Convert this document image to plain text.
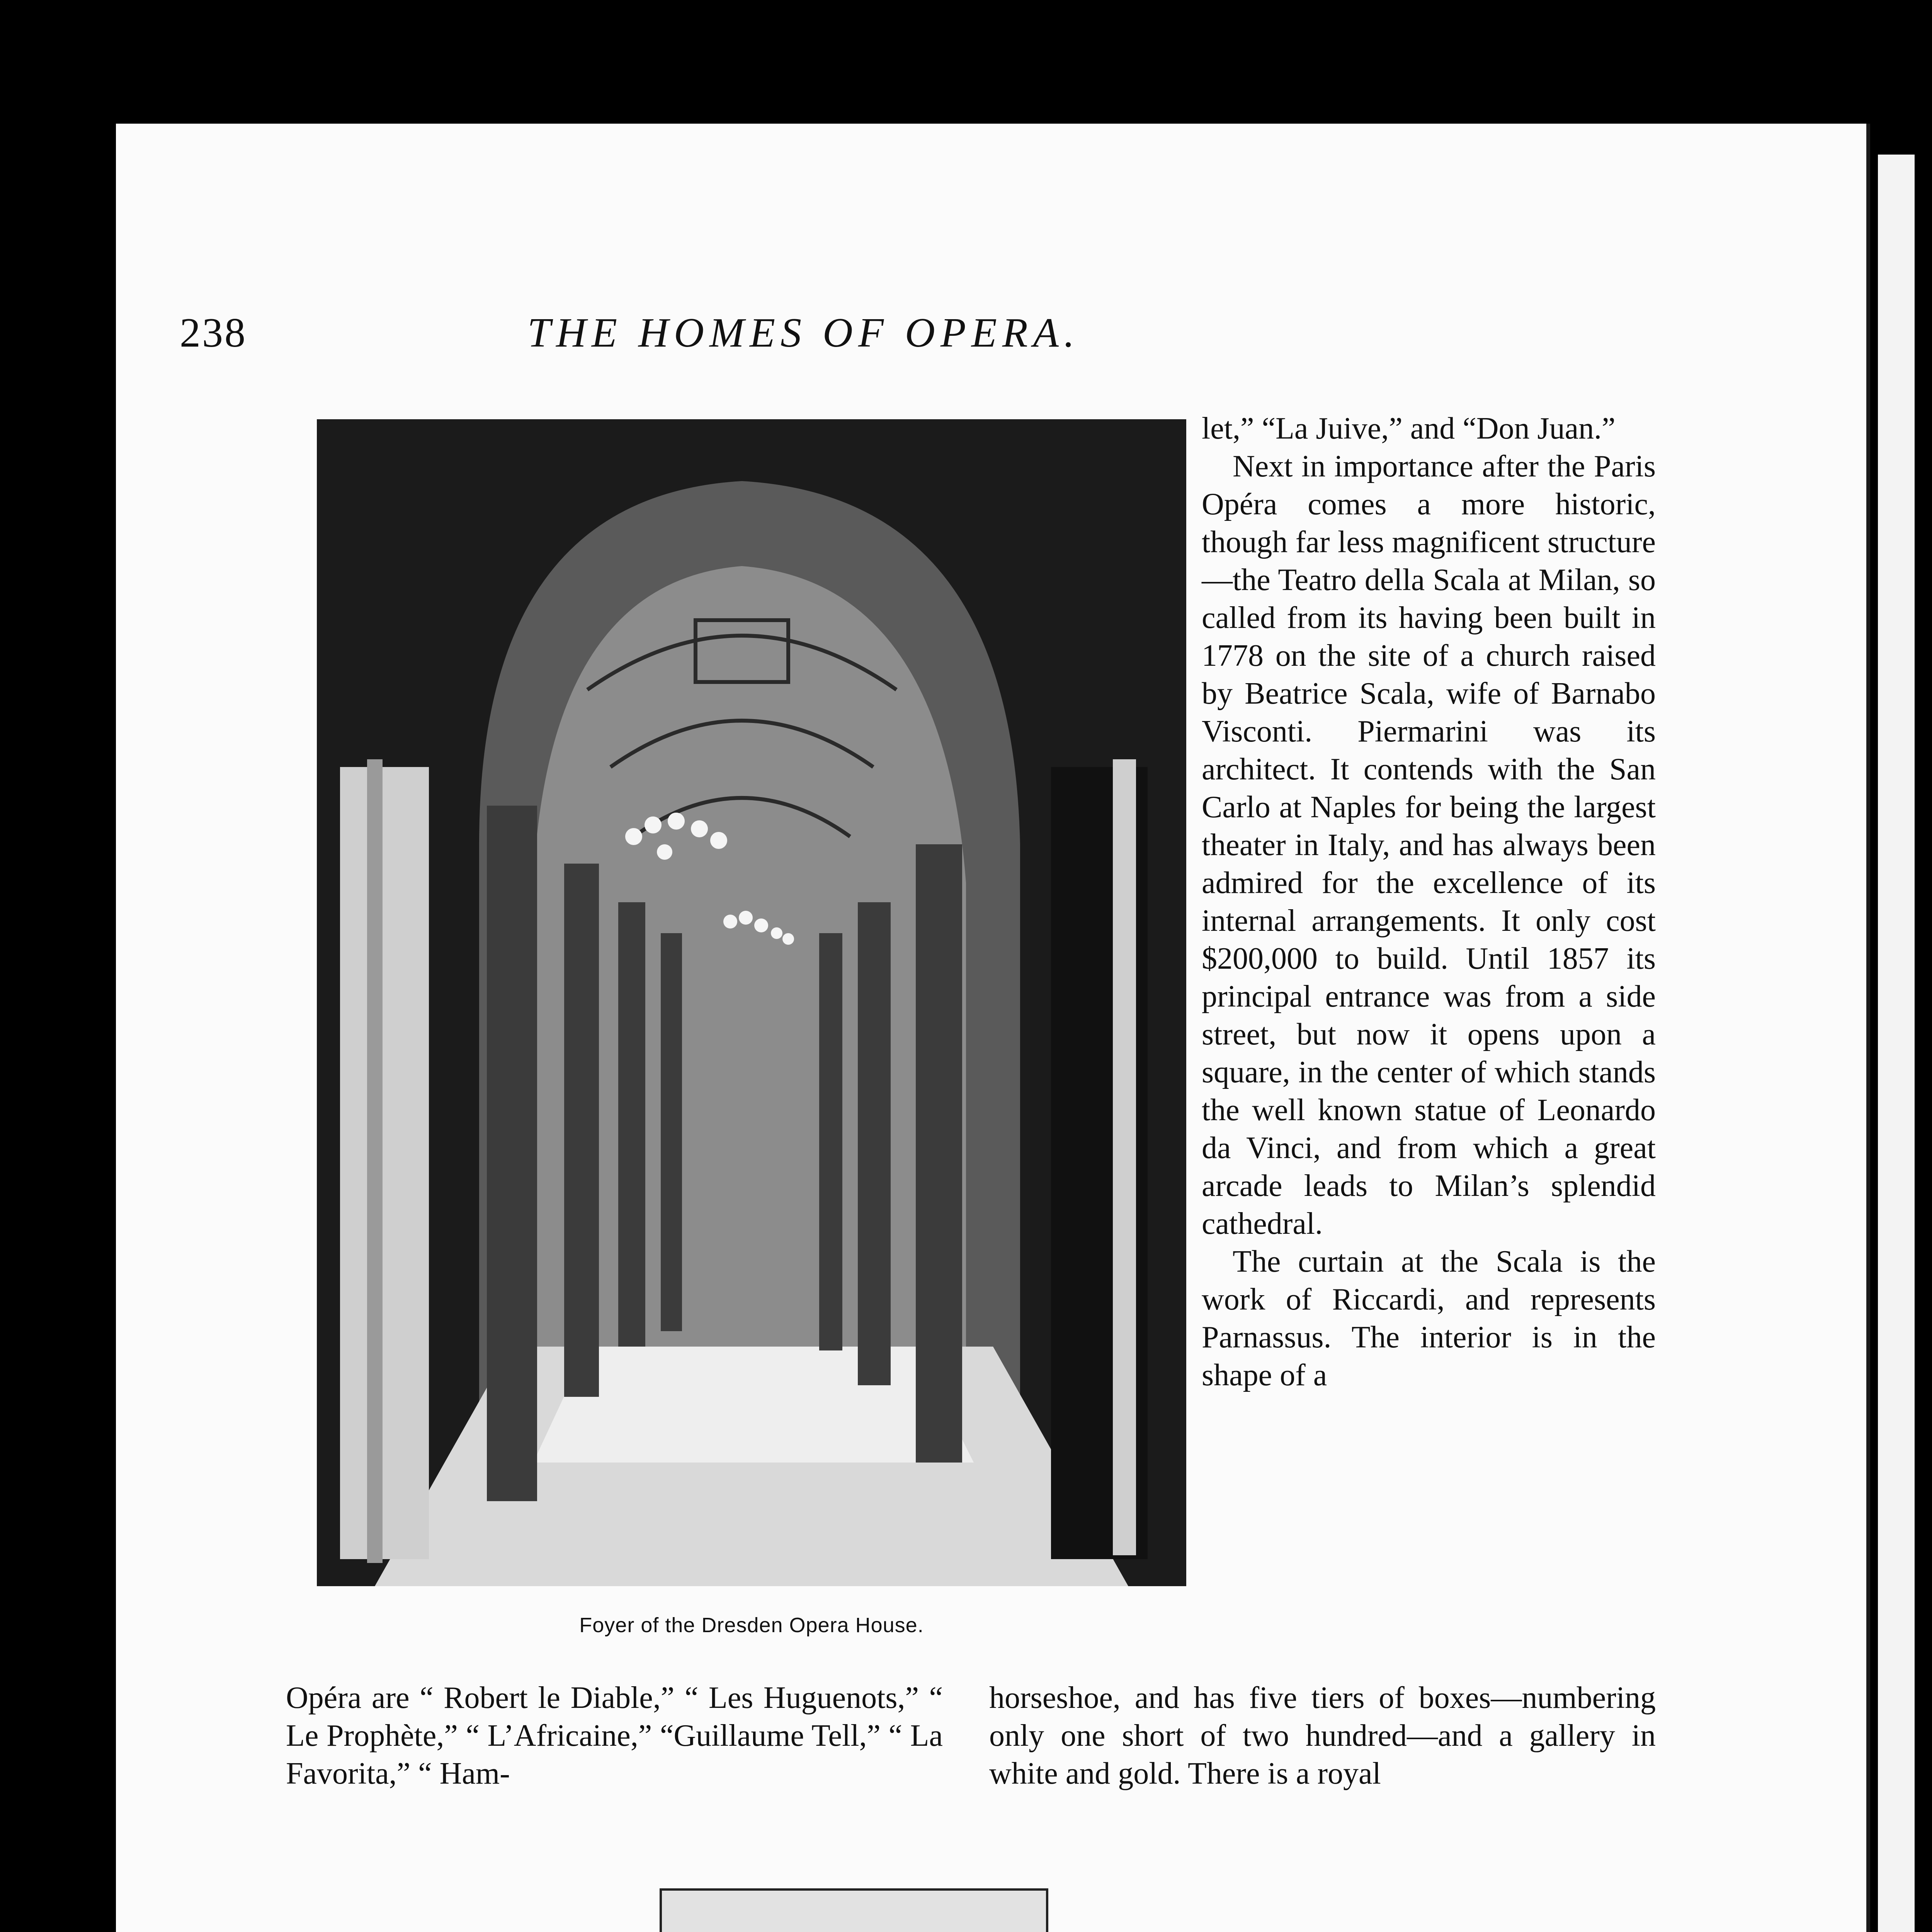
238	THE HOMES OF OPERA.
Foyer of the Dresden Opera House.

let,” “La Juive,” and “Don Juan.”

Next in importance after the Paris Opéra comes a more historic, though far less magnificent structure —the Teatro della Scala at Milan, so called from its having been built in 1778 on the site of a church raised by Beatrice Scala, wife of Barnabo Visconti. Piermarini was its architect. It contends with the San Carlo at Naples for being the largest theater in Italy, and has always been admired for the excellence of its internal arrangements. It only cost $200,000 to build. Until 1857 its principal entrance was from a side street, but now it opens upon a square, in the center of which stands the well known statue of Leonardo da Vinci, and from which a great arcade leads to Milan’s splendid cathedral.

The curtain at the Scala is the work of Riccardi, and represents Parnassus. The interior is in the shape of a

Opéra are “ Robert le Diable,” “ Les Huguenots,” “ Le Prophète,” “ L’Africaine,” “Guillaume Tell,” “ La Favorita,” “ Ham-

horseshoe, and has five tiers of boxes—numbering only one short of two hundred—and a gallery in white and gold. There is a royal
